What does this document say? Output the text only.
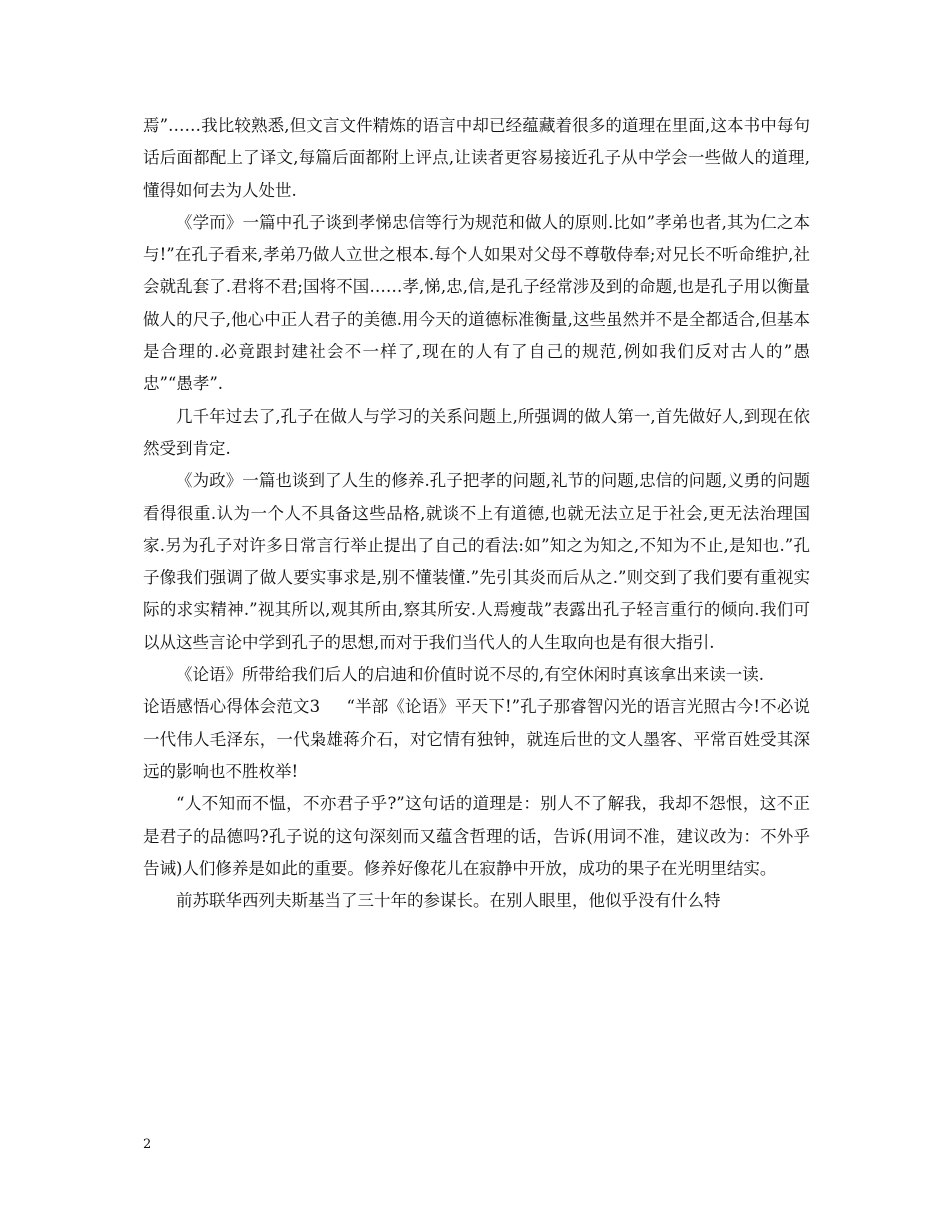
焉”……我比较熟悉,但文言文件精炼的语言中却已经蕴藏着很多的道理在里面,这本书中每句话后面都配上了译文,每篇后面都附上评点,让读者更容易接近孔子从中学会一些做人的道理,懂得如何去为人处世.

《学而》一篇中孔子谈到孝悌忠信等行为规范和做人的原则.比如”孝弟也者,其为仁之本与!”在孔子看来,孝弟乃做人立世之根本.每个人如果对父母不尊敬侍奉;对兄长不听命维护,社会就乱套了.君将不君;国将不国……孝,悌,忠,信,是孔子经常涉及到的命题,也是孔子用以衡量做人的尺子,他心中正人君子的美德.用今天的道德标准衡量,这些虽然并不是全都适合,但基本是合理的.必竟跟封建社会不一样了,现在的人有了自己的规范,例如我们反对古人的”愚忠”“愚孝”.

几千年过去了,孔子在做人与学习的关系问题上,所强调的做人第一,首先做好人,到现在依然受到肯定.

《为政》一篇也谈到了人生的修养.孔子把孝的问题,礼节的问题,忠信的问题,义勇的问题看得很重.认为一个人不具备这些品格,就谈不上有道德,也就无法立足于社会,更无法治理国家.另为孔子对许多日常言行举止提出了自己的看法:如”知之为知之,不知为不止,是知也.”孔子像我们强调了做人要实事求是,别不懂装懂.”先引其炎而后从之.”则交到了我们要有重视实际的求实精神.”视其所以,观其所由,察其所安.人焉瘦哉”表露出孔子轻言重行的倾向.我们可以从这些言论中学到孔子的思想,而对于我们当代人的人生取向也是有很大指引.

《论语》所带给我们后人的启迪和价值时说不尽的,有空休闲时真该拿出来读一读.

论语感悟心得体会范文3 “半部《论语》平天下!”孔子那睿智闪光的语言光照古今!不必说一代伟人毛泽东，一代枭雄蒋介石，对它情有独钟，就连后世的文人墨客、平常百姓受其深远的影响也不胜枚举!

“人不知而不愠，不亦君子乎?”这句话的道理是：别人不了解我，我却不怨恨，这不正是君子的品德吗?孔子说的这句深刻而又蕴含哲理的话，告诉(用词不准，建议改为：不外乎告诫)人们修养是如此的重要。修养好像花儿在寂静中开放，成功的果子在光明里结实。

前苏联华西列夫斯基当了三十年的参谋长。在别人眼里，他似乎没有什么特

2
